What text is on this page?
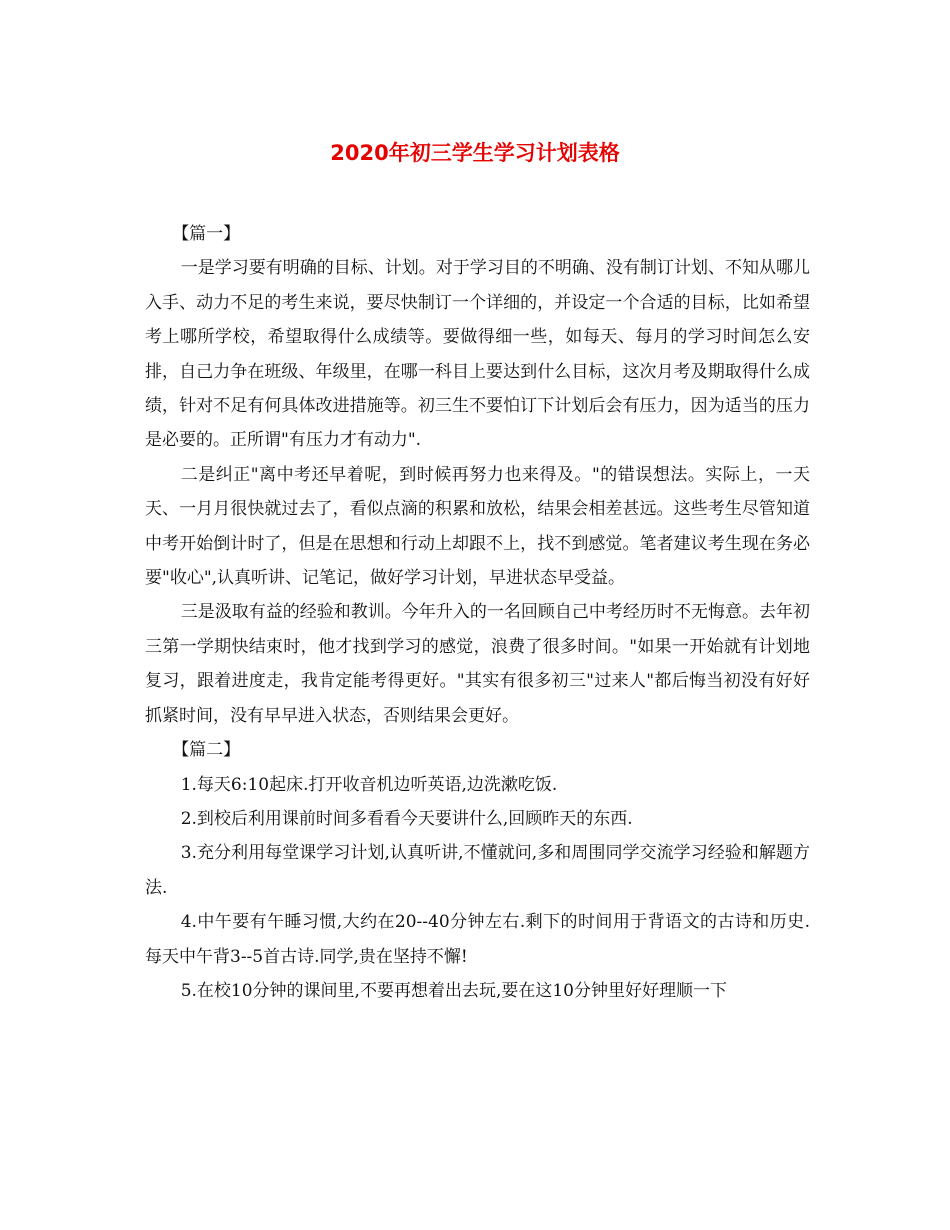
2020年初三学生学习计划表格

【篇一】

一是学习要有明确的目标、计划。对于学习目的不明确、没有制订计划、不知从哪儿入手、动力不足的考生来说，要尽快制订一个详细的，并设定一个合适的目标，比如希望考上哪所学校，希望取得什么成绩等。要做得细一些，如每天、每月的学习时间怎么安排，自己力争在班级、年级里，在哪一科目上要达到什么目标，这次月考及期取得什么成绩，针对不足有何具体改进措施等。初三生不要怕订下计划后会有压力，因为适当的压力是必要的。正所谓"有压力才有动力".

二是纠正"离中考还早着呢，到时候再努力也来得及。"的错误想法。实际上，一天天、一月月很快就过去了，看似点滴的积累和放松，结果会相差甚远。这些考生尽管知道中考开始倒计时了，但是在思想和行动上却跟不上，找不到感觉。笔者建议考生现在务必要"收心",认真听讲、记笔记，做好学习计划，早进状态早受益。

三是汲取有益的经验和教训。今年升入的一名回顾自己中考经历时不无悔意。去年初三第一学期快结束时，他才找到学习的感觉，浪费了很多时间。"如果一开始就有计划地复习，跟着进度走，我肯定能考得更好。"其实有很多初三"过来人"都后悔当初没有好好抓紧时间，没有早早进入状态，否则结果会更好。

【篇二】

1.每天6:10起床.打开收音机边听英语,边洗漱吃饭.

2.到校后利用课前时间多看看今天要讲什么,回顾昨天的东西.

3.充分利用每堂课学习计划,认真听讲,不懂就问,多和周围同学交流学习经验和解题方法.

4.中午要有午睡习惯,大约在20--40分钟左右.剩下的时间用于背语文的古诗和历史.每天中午背3--5首古诗.同学,贵在坚持不懈!

5.在校10分钟的课间里,不要再想着出去玩,要在这10分钟里好好理顺一下
